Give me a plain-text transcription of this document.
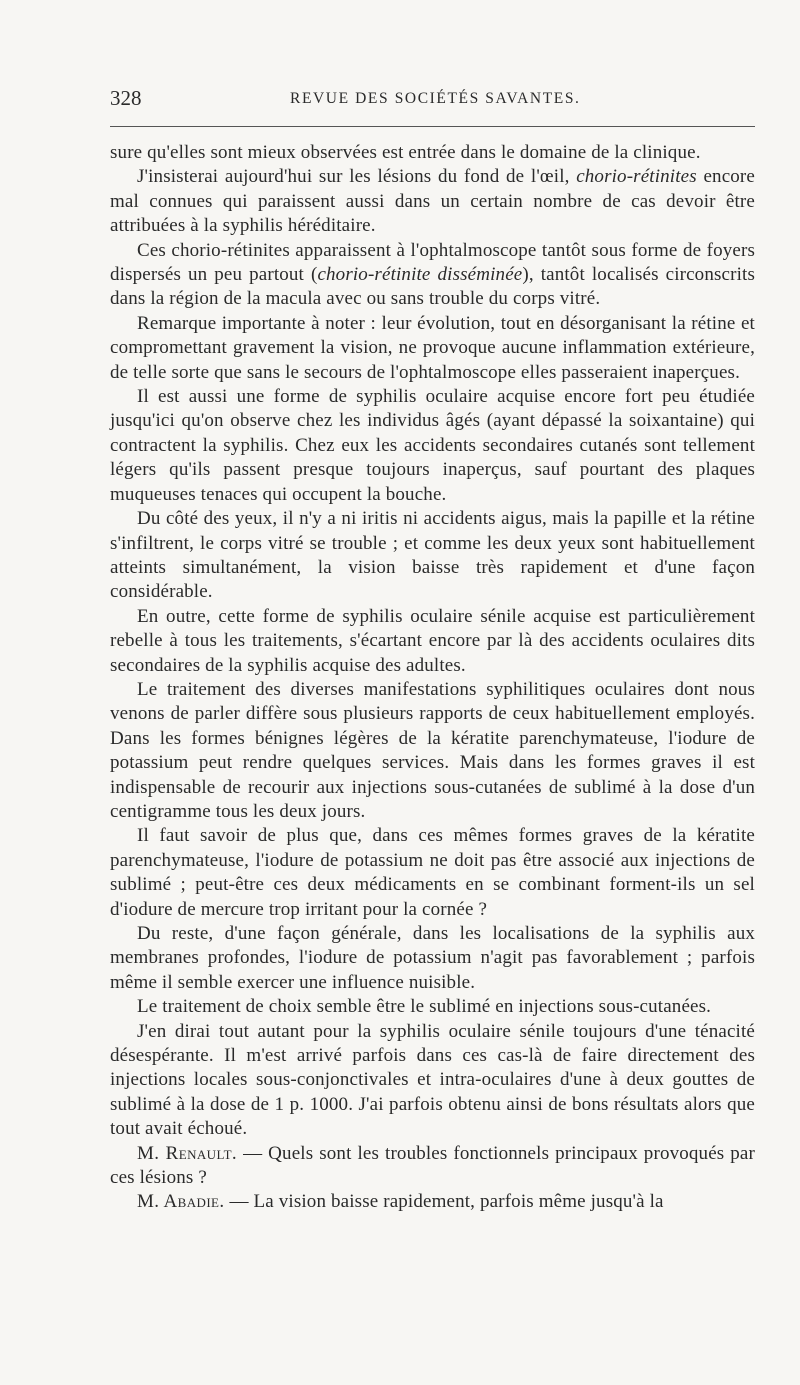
328	REVUE DES SOCIÉTÉS SAVANTES.

sure qu'elles sont mieux observées est entrée dans le domaine de la clinique.

J'insisterai aujourd'hui sur les lésions du fond de l'œil, chorio-rétinites encore mal connues qui paraissent aussi dans un certain nombre de cas devoir être attribuées à la syphilis héréditaire.

Ces chorio-rétinites apparaissent à l'ophtalmoscope tantôt sous forme de foyers dispersés un peu partout (chorio-rétinite disséminée), tantôt localisés circonscrits dans la région de la macula avec ou sans trouble du corps vitré.

Remarque importante à noter : leur évolution, tout en désorganisant la rétine et compromettant gravement la vision, ne provoque aucune inflammation extérieure, de telle sorte que sans le secours de l'ophtalmoscope elles passeraient inaperçues.

Il est aussi une forme de syphilis oculaire acquise encore fort peu étudiée jusqu'ici qu'on observe chez les individus âgés (ayant dépassé la soixantaine) qui contractent la syphilis. Chez eux les accidents secondaires cutanés sont tellement légers qu'ils passent presque toujours inaperçus, sauf pourtant des plaques muqueuses tenaces qui occupent la bouche.

Du côté des yeux, il n'y a ni iritis ni accidents aigus, mais la papille et la rétine s'infiltrent, le corps vitré se trouble ; et comme les deux yeux sont habituellement atteints simultanément, la vision baisse très rapidement et d'une façon considérable.

En outre, cette forme de syphilis oculaire sénile acquise est particulièrement rebelle à tous les traitements, s'écartant encore par là des accidents oculaires dits secondaires de la syphilis acquise des adultes.

Le traitement des diverses manifestations syphilitiques oculaires dont nous venons de parler diffère sous plusieurs rapports de ceux habituellement employés. Dans les formes bénignes légères de la kératite parenchymateuse, l'iodure de potassium peut rendre quelques services. Mais dans les formes graves il est indispensable de recourir aux injections sous-cutanées de sublimé à la dose d'un centigramme tous les deux jours.

Il faut savoir de plus que, dans ces mêmes formes graves de la kératite parenchymateuse, l'iodure de potassium ne doit pas être associé aux injections de sublimé ; peut-être ces deux médicaments en se combinant forment-ils un sel d'iodure de mercure trop irritant pour la cornée ?

Du reste, d'une façon générale, dans les localisations de la syphilis aux membranes profondes, l'iodure de potassium n'agit pas favorablement ; parfois même il semble exercer une influence nuisible.

Le traitement de choix semble être le sublimé en injections sous-cutanées.

J'en dirai tout autant pour la syphilis oculaire sénile toujours d'une ténacité désespérante. Il m'est arrivé parfois dans ces cas-là de faire directement des injections locales sous-conjonctivales et intra-oculaires d'une à deux gouttes de sublimé à la dose de 1 p. 1000. J'ai parfois obtenu ainsi de bons résultats alors que tout avait échoué.

M. Renault. — Quels sont les troubles fonctionnels principaux provoqués par ces lésions ?

M. Abadie. — La vision baisse rapidement, parfois même jusqu'à la
